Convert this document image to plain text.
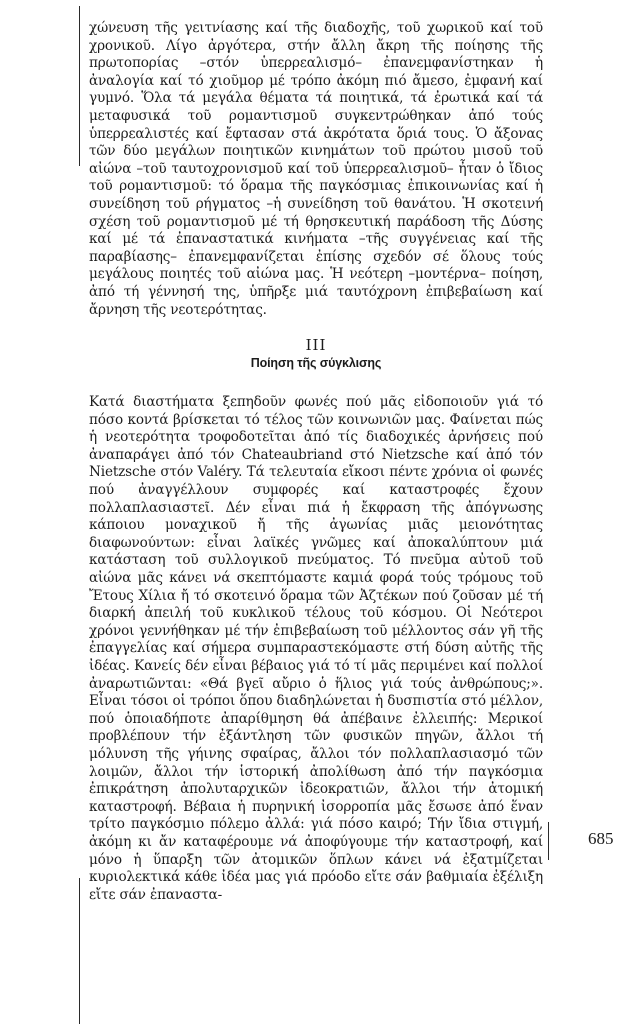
χώνευση τῆς γειτνίασης καί τῆς διαδοχῆς, τοῦ χωρικοῦ καί τοῦ χρονικοῦ. Λίγο ἀργότερα, στήν ἄλλη ἄκρη τῆς ποίησης τῆς πρωτοπορίας –στόν ὑπερρεαλισμό– ἐπανεμφανίστηκαν ἡ ἀναλογία καί τό χιοῦμορ μέ τρόπο ἀκόμη πιό ἄμεσο, ἐμφανή καί γυμνό. Ὅλα τά μεγάλα θέματα τά ποιητικά, τά ἐρωτικά καί τά μεταφυσικά τοῦ ρομαντισμοῦ συγκεντρώθηκαν ἀπό τούς ὑπερρεαλιστές καί ἔφτασαν στά ἀκρότατα ὅριά τους. Ὁ ἄξονας τῶν δύο μεγάλων ποιητικῶν κινημάτων τοῦ πρώτου μισοῦ τοῦ αἰώνα –τοῦ ταυτοχρονισμοῦ καί τοῦ ὑπερρεαλισμοῦ– ἦταν ὁ ἴδιος τοῦ ρομαντισμοῦ: τό ὅραμα τῆς παγκόσμιας ἐπικοινωνίας καί ἡ συνείδηση τοῦ ρήγματος –ἡ συνείδηση τοῦ θανάτου. Ἡ σκοτεινή σχέση τοῦ ρομαντισμοῦ μέ τή θρησκευτική παράδοση τῆς Δύσης καί μέ τά ἐπαναστατικά κινήματα –τῆς συγγένειας καί τῆς παραβίασης– ἐπανεμφανίζεται ἐπίσης σχεδόν σέ ὅλους τούς μεγάλους ποιητές τοῦ αἰώνα μας. Ἡ νεότερη –μοντέρνα– ποίηση, ἀπό τή γέννησή της, ὑπῆρξε μιά ταυτόχρονη ἐπιβεβαίωση καί ἄρνηση τῆς νεοτερότητας.

III
Ποίηση τῆς σύγκλισης

Κατά διαστήματα ξεπηδοῦν φωνές πού μᾶς εἰδοποιοῦν γιά τό πόσο κοντά βρίσκεται τό τέλος τῶν κοινωνιῶν μας. Φαίνεται πώς ἡ νεοτερότητα τροφοδοτεῖται ἀπό τίς διαδοχικές ἀρνήσεις πού ἀναπαράγει ἀπό τόν Chateaubriand στό Nietzsche καί ἀπό τόν Nietzsche στόν Valéry. Τά τελευταία εἴκοσι πέντε χρόνια οἱ φωνές πού ἀναγγέλλουν συμφορές καί καταστροφές ἔχουν πολλαπλασιαστεῖ. Δέν εἶναι πιά ἡ ἔκφραση τῆς ἀπόγνωσης κάποιου μοναχικοῦ ἤ τῆς ἀγωνίας μιᾶς μειονότητας διαφωνούντων: εἶναι λαϊκές γνῶμες καί ἀποκαλύπτουν μιά κατάσταση τοῦ συλλογικοῦ πνεύματος. Τό πνεῦμα αὐτοῦ τοῦ αἰώνα μᾶς κάνει νά σκεπτόμαστε καμιά φορά τούς τρόμους τοῦ Ἔτους Χίλια ἤ τό σκοτεινό ὅραμα τῶν Ἀζτέκων πού ζοῦσαν μέ τή διαρκή ἀπειλή τοῦ κυκλικοῦ τέλους τοῦ κόσμου. Οἱ Νεότεροι χρόνοι γεννήθηκαν μέ τήν ἐπιβεβαίωση τοῦ μέλλοντος σάν γῆ τῆς ἐπαγγελίας καί σήμερα συμπαραστεκόμαστε στή δύση αὐτῆς τῆς ἰδέας. Κανείς δέν εἶναι βέβαιος γιά τό τί μᾶς περιμένει καί πολλοί ἀναρωτιῶνται: «Θά βγεῖ αὔριο ὁ ἥλιος γιά τούς ἀνθρώπους;». Εἶναι τόσοι οἱ τρόποι ὅπου διαδηλώνεται ἡ δυσπιστία στό μέλλον, πού ὁποιαδήποτε ἀπαρίθμηση θά ἀπέβαινε ἐλλειπής: Μερικοί προβλέπουν τήν ἐξάντληση τῶν φυσικῶν πηγῶν, ἄλλοι τή μόλυνση τῆς γήινης σφαίρας, ἄλλοι τόν πολλαπλασιασμό τῶν λοιμῶν, ἄλλοι τήν ἱστορική ἀπολίθωση ἀπό τήν παγκόσμια ἐπικράτηση ἀπολυταρχικῶν ἰδεοκρατιῶν, ἄλλοι τήν ἀτομική καταστροφή. Βέβαια ἡ πυρηνική ἰσορροπία μᾶς ἔσωσε ἀπό ἕναν τρίτο παγκόσμιο πόλεμο ἀλλά: γιά πόσο καιρό; Τήν ἴδια στιγμή, ἀκόμη κι ἄν καταφέρουμε νά ἀποφύγουμε τήν καταστροφή, καί μόνο ἡ ὕπαρξη τῶν ἀτομικῶν ὅπλων κάνει νά ἐξατμίζεται κυριολεκτικά κάθε ἰδέα μας γιά πρόοδο εἴτε σάν βαθμιαία ἐξέλιξη εἴτε σάν ἐπαναστα-

685
